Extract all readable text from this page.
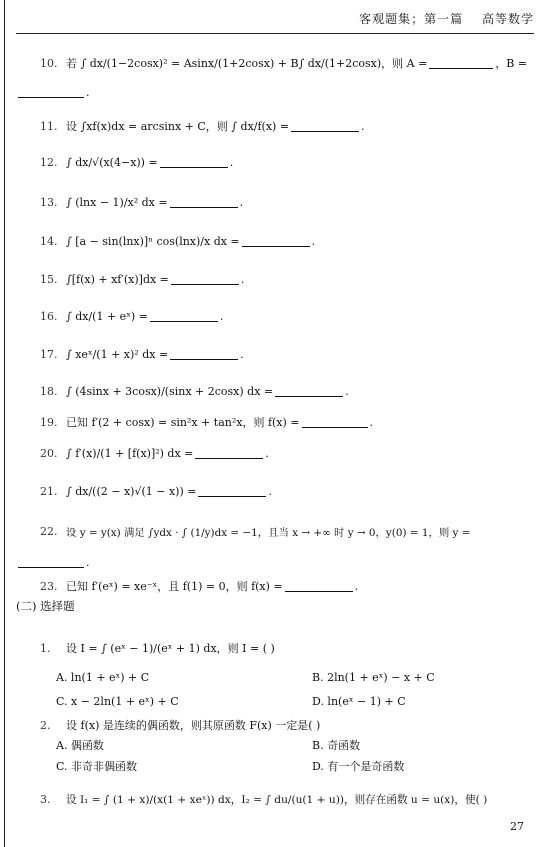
客观题集；第一篇 高等数学
10. 若 ∫ dx/(1−2cosx)² = Asinx/(1+2cosx) + B∫ dx/(1+2cosx)，则 A =	，B =
.
11. 设 ∫xf(x)dx = arcsinx + C，则 ∫ dx/f(x) =	.
12. ∫ dx/√(x(4−x)) =	.
13. ∫ (lnx − 1)/x² dx =	.
14. ∫ [a − sin(lnx)]ⁿ cos(lnx)/x dx =	.
15. ∫[f(x) + xf′(x)]dx =	.
16. ∫ dx/(1 + eˣ) =	.
17. ∫ xeˣ/(1 + x)² dx =	.
18. ∫ (4sinx + 3cosx)/(sinx + 2cosx) dx =	.
19. 已知 f′(2 + cosx) = sin²x + tan²x，则 f(x) =	.
20. ∫ f′(x)/(1 + [f(x)]²) dx =	.
21. ∫ dx/((2 − x)√(1 − x)) =	.
22. 设 y = y(x) 满足 ∫ydx · ∫ (1/y)dx = −1，且当 x → +∞ 时 y → 0，y(0) = 1，则 y =
.
23. 已知 f′(eˣ) = xe⁻ˣ，且 f(1) = 0，则 f(x) =	.
(二) 选择题
1.	设 I = ∫ (eˣ − 1)/(eˣ + 1) dx，则 I = ( )
A. ln(1 + eˣ) + C	B. 2ln(1 + eˣ) − x + C
C. x − 2ln(1 + eˣ) + C	D. ln(eˣ − 1) + C
2.	设 f(x) 是连续的偶函数，则其原函数 F(x) 一定是( )
A. 偶函数	B. 奇函数
C. 非奇非偶函数	D. 有一个是奇函数
3.	设 I₁ = ∫ (1 + x)/(x(1 + xeˣ)) dx，I₂ = ∫ du/(u(1 + u))，则存在函数 u = u(x)，使( )
27
